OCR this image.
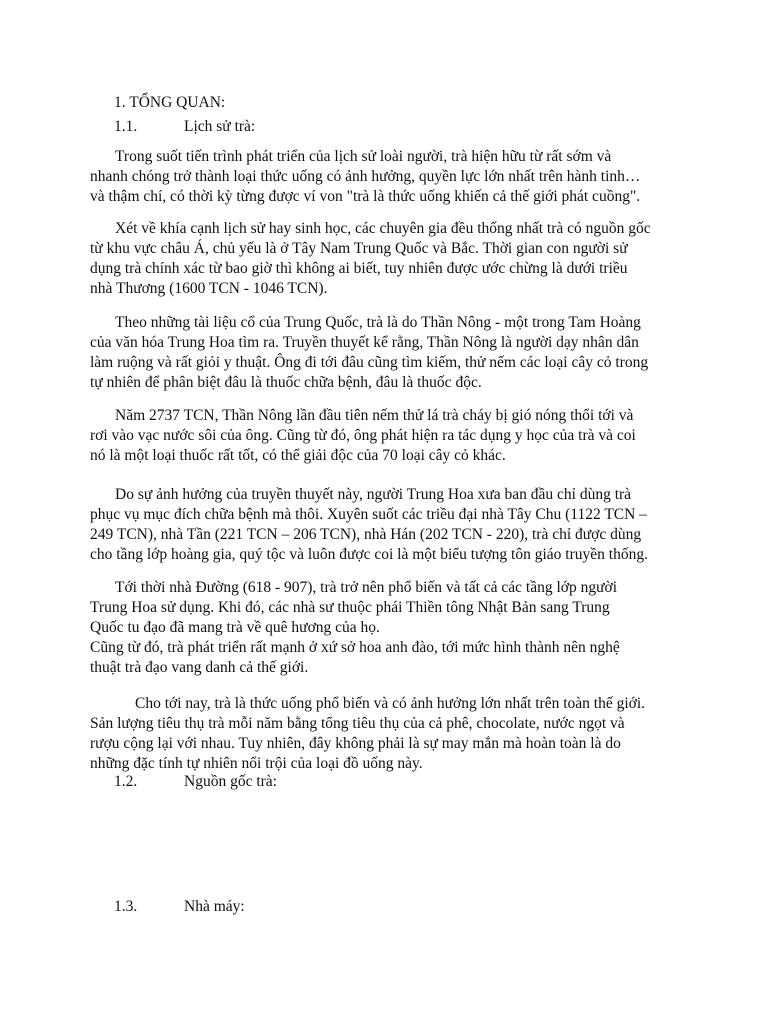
1. TỔNG QUAN:
1.1.	Lịch sử trà:

Trong suốt tiến trình phát triển của lịch sử loài người, trà hiện hữu từ rất sớm và
nhanh chóng trở thành loại thức uống có ảnh hưởng, quyền lực lớn nhất trên hành tinh…
và thậm chí, có thời kỳ từng được ví von "trà là thức uống khiến cả thế giới phát cuồng".

Xét về khía cạnh lịch sử hay sinh học, các chuyên gia đều thống nhất trà có nguồn gốc
từ khu vực châu Á, chủ yếu là ở Tây Nam Trung Quốc và Bắc. Thời gian con người sử
dụng trà chính xác từ bao giờ thì không ai biết, tuy nhiên được ước chừng là dưới triều
nhà Thương (1600 TCN - 1046 TCN).

Theo những tài liệu cổ của Trung Quốc, trà là do Thần Nông - một trong Tam Hoàng
của văn hóa Trung Hoa tìm ra. Truyền thuyết kể rằng, Thần Nông là người dạy nhân dân
làm ruộng và rất giỏi y thuật. Ông đi tới đâu cũng tìm kiếm, thử nếm các loại cây cỏ trong
tự nhiên để phân biệt đâu là thuốc chữa bệnh, đâu là thuốc độc.

Năm 2737 TCN, Thần Nông lần đầu tiên nếm thử lá trà cháy bị gió nóng thổi tới và
rơi vào vạc nước sôi của ông. Cũng từ đó, ông phát hiện ra tác dụng y học của trà và coi
nó là một loại thuốc rất tốt, có thể giải độc của 70 loại cây cỏ khác.

Do sự ảnh hưởng của truyền thuyết này, người Trung Hoa xưa ban đầu chỉ dùng trà
phục vụ mục đích chữa bệnh mà thôi. Xuyên suốt các triều đại nhà Tây Chu (1122 TCN –
249 TCN), nhà Tần (221 TCN – 206 TCN), nhà Hán (202 TCN - 220), trà chỉ được dùng
cho tầng lớp hoàng gia, quý tộc và luôn được coi là một biểu tượng tôn giáo truyền thống.

Tới thời nhà Đường (618 - 907), trà trở nên phổ biến và tất cả các tầng lớp người
Trung Hoa sử dụng. Khi đó, các nhà sư thuộc phái Thiền tông Nhật Bản sang Trung
Quốc tu đạo đã mang trà về quê hương của họ.

Cũng từ đó, trà phát triển rất mạnh ở xứ sở hoa anh đào, tới mức hình thành nên nghệ
thuật trà đạo vang danh cả thế giới.

Cho tới nay, trà là thức uống phổ biến và có ảnh hưởng lớn nhất trên toàn thế giới.
Sản lượng tiêu thụ trà mỗi năm bằng tổng tiêu thụ của cả phê, chocolate, nước ngọt và
rượu cộng lại với nhau. Tuy nhiên, đây không phải là sự may mắn mà hoàn toàn là do
những đặc tính tự nhiên nổi trội của loại đồ uống này.

1.2.	Nguồn gốc trà:
1.3.	Nhà máy:
